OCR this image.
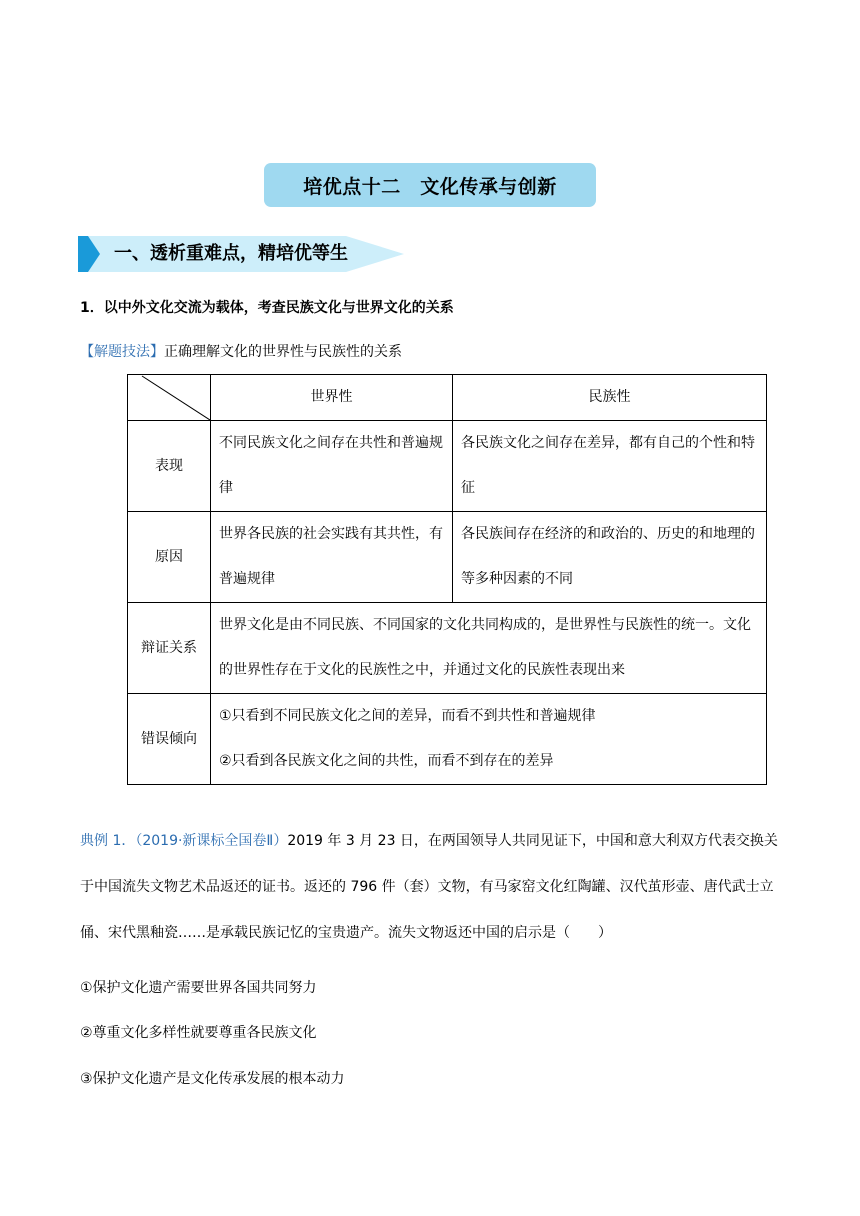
培优点十二　文化传承与创新
一、透析重难点，精培优等生
1．以中外文化交流为载体，考查民族文化与世界文化的关系
【解题技法】正确理解文化的世界性与民族性的关系
	世界性	民族性
表现	不同民族文化之间存在共性和普遍规律	各民族文化之间存在差异，都有自己的个性和特征
原因	世界各民族的社会实践有其共性，有普遍规律	各民族间存在经济的和政治的、历史的和地理的等多种因素的不同
辩证关系	世界文化是由不同民族、不同国家的文化共同构成的，是世界性与民族性的统一。文化的世界性存在于文化的民族性之中，并通过文化的民族性表现出来	
错误倾向	①只看到不同民族文化之间的差异，而看不到共性和普遍规律
②只看到各民族文化之间的共性，而看不到存在的差异	
典例 1．（2019·新课标全国卷Ⅱ）2019 年 3 月 23 日，在两国领导人共同见证下，中国和意大利双方代表交换关于中国流失文物艺术品返还的证书。返还的 796 件（套）文物，有马家窑文化红陶罐、汉代茧形壶、唐代武士立俑、宋代黑釉瓷……是承载民族记忆的宝贵遗产。流失文物返还中国的启示是（　　）
①保护文化遗产需要世界各国共同努力
②尊重文化多样性就要尊重各民族文化
③保护文化遗产是文化传承发展的根本动力
